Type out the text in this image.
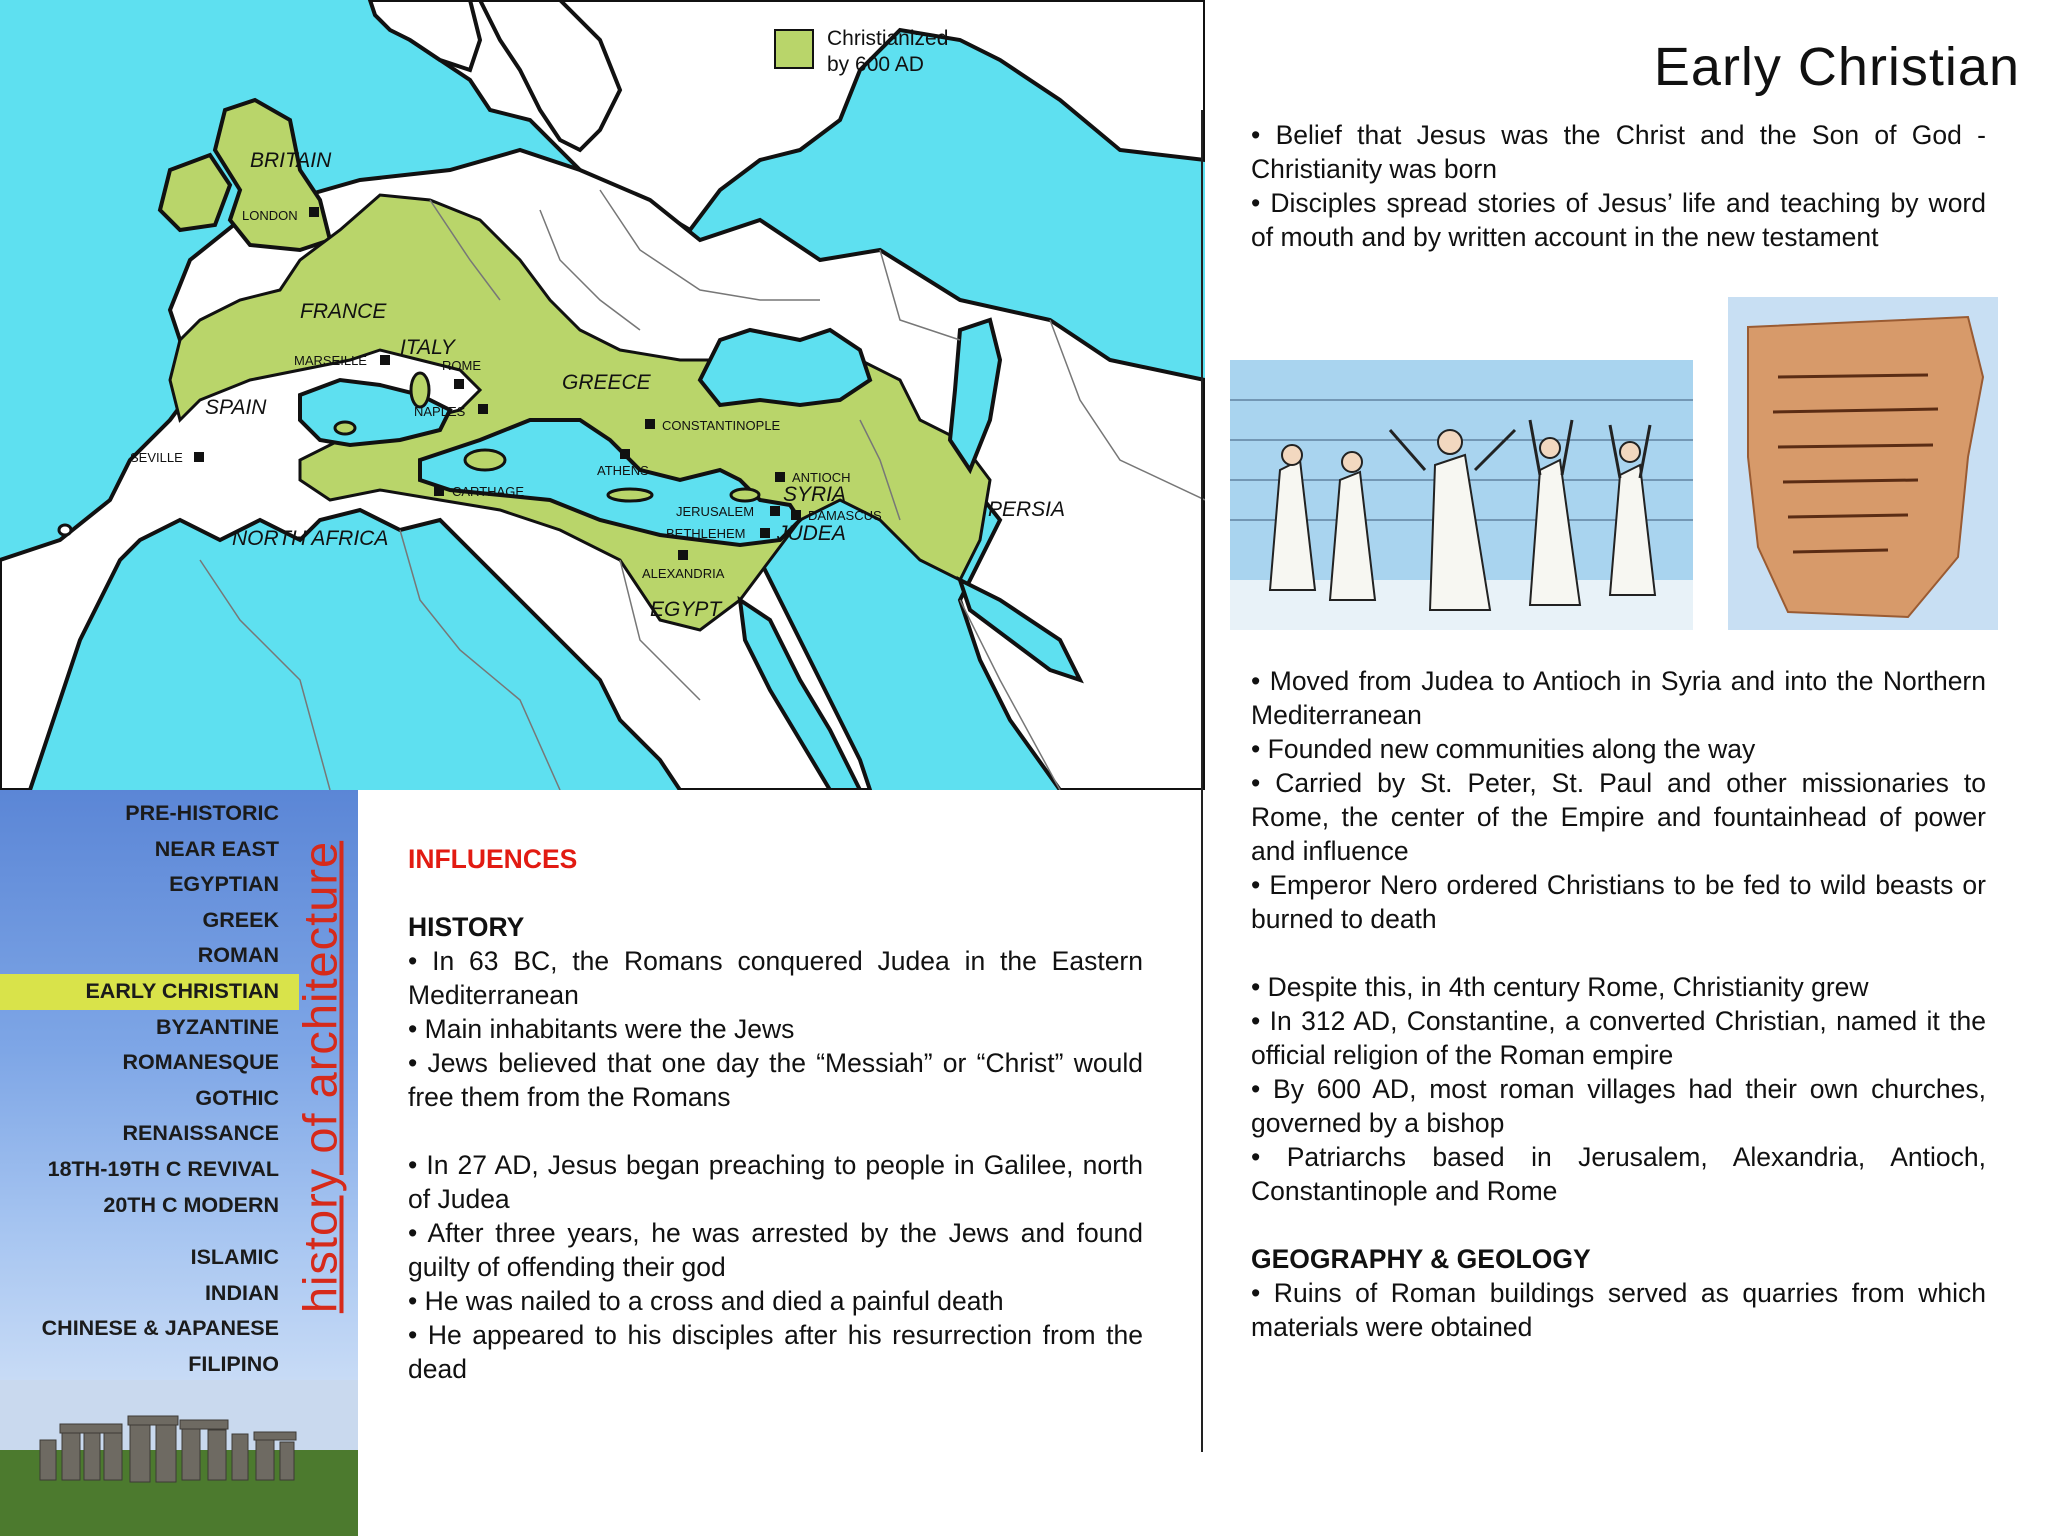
Christianized
by 600 AD
BRITAIN
FRANCE
SPAIN
ITALY
GREECE
NORTH AFRICA
SYRIA
JUDEA
EGYPT
PERSIA
LONDON
MARSEILLE	ROME
NAPLES
SEVILLE
CARTHAGE
CONSTANTINOPLE
ATHENS	ANTIOCH
JERUSALEM	DAMASCUS
BETHLEHEM
ALEXANDRIA
Early Christian
PRE-HISTORIC
NEAR EAST
EGYPTIAN
GREEK
ROMAN
EARLY CHRISTIAN
BYZANTINE
ROMANESQUE
GOTHIC
RENAISSANCE
18TH-19TH C REVIVAL
20TH C MODERN
ISLAMIC
INDIAN
CHINESE & JAPANESE
FILIPINO
history of architecture INFLUENCES

HISTORY

• In 63 BC, the Romans conquered Judea in the Eastern Mediterranean

• Main inhabitants were the Jews

• Jews believed that one day the “Messiah” or “Christ” would free them from the Romans

• In 27 AD, Jesus began preaching to people in Galilee, north of Judea

• After three years, he was arrested by the Jews and found guilty of offending their god

• He was nailed to a cross and died a painful death

• He appeared to his disciples after his resurrection from the dead

• Belief that Jesus was the Christ and the Son of God - Christianity was born

• Disciples spread stories of Jesus’ life and teaching by word of mouth and by written account in the new testament

• Moved from Judea to Antioch in Syria and into the Northern Mediterranean

• Founded new communities along the way

• Carried by St. Peter, St. Paul and other missionaries to Rome, the center of the Empire and fountainhead of power and influence

• Emperor Nero ordered Christians to be fed to wild beasts or burned to death

• Despite this, in 4th century Rome, Christianity grew

• In 312 AD, Constantine, a converted Christian, named it the official religion of the Roman empire

• By 600 AD, most roman villages had their own churches, governed by a bishop

• Patriarchs based in Jerusalem, Alexandria, Antioch, Constantinople and Rome

GEOGRAPHY & GEOLOGY

• Ruins of Roman buildings served as quarries from which materials were obtained
